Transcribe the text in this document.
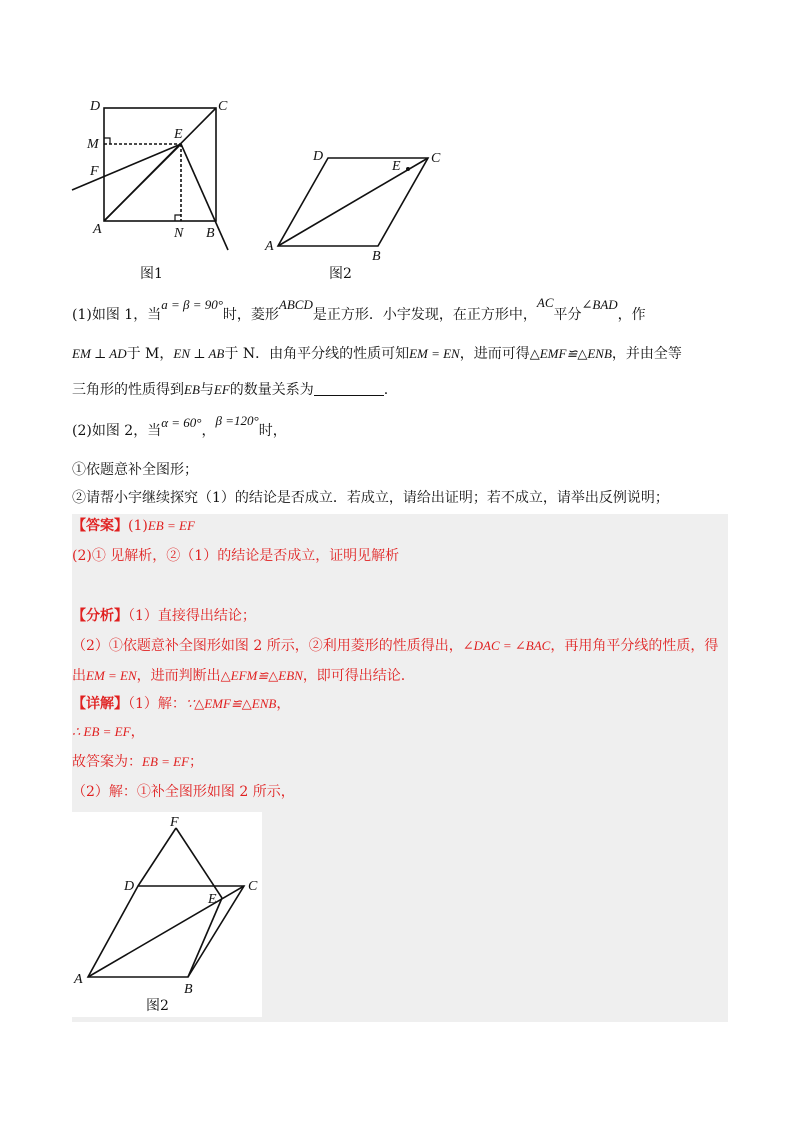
D	C
M
E
F
A	N B
图1
D
E
C
A
B
图2
(1)如图 1，当a = β = 90°时，菱形ABCD是正方形．小宇发现，在正方形中，AC平分∠BAD，作
EM ⊥ AD于 M，EN ⊥ AB于 N．由角平分线的性质可知EM = EN，进而可得△EMF≌△ENB，并由全等
三角形的性质得到EB与EF的数量关系为	.
(2)如图 2，当α = 60°，β =120°时，
①依题意补全图形；
②请帮小宇继续探究（1）的结论是否成立．若成立，请给出证明；若不成立，请举出反例说明；
【答案】(1)EB = EF
(2)① 见解析，②（1）的结论是否成立，证明见解析
【分析】（1）直接得出结论；
（2）①依题意补全图形如图 2 所示，②利用菱形的性质得出，∠DAC = ∠BAC，再用角平分线的性质，得
出EM = EN，进而判断出△EFM≌△EBN，即可得出结论.
【详解】（1）解：∵△EMF≌△ENB，
∴ EB = EF，
故答案为：EB = EF；
（2）解：①补全图形如图 2 所示，
F
D
E
C
A
B
图2
